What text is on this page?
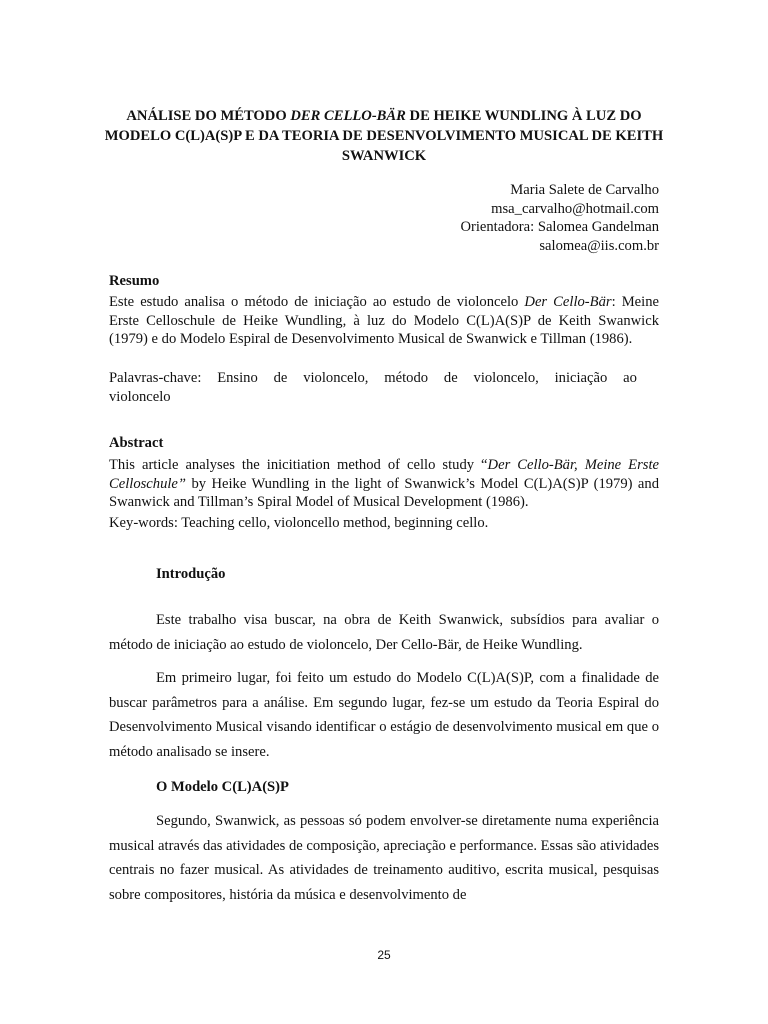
ANÁLISE DO MÉTODO DER CELLO-BÄR DE HEIKE WUNDLING À LUZ DO MODELO C(L)A(S)P E DA TEORIA DE DESENVOLVIMENTO MUSICAL DE KEITH SWANWICK
Maria Salete de Carvalho
msa_carvalho@hotmail.com
Orientadora: Salomea Gandelman
salomea@iis.com.br
Resumo
Este estudo analisa o método de iniciação ao estudo de violoncelo Der Cello-Bär: Meine Erste Celloschule de Heike Wundling, à luz do Modelo C(L)A(S)P de Keith Swanwick (1979) e do Modelo Espiral de Desenvolvimento Musical de Swanwick e Tillman (1986).
Palavras-chave: Ensino de violoncelo, método de violoncelo, iniciação ao
violoncelo
Abstract
This article analyses the inicitiation method of cello study “Der Cello-Bär, Meine Erste Celloschule” by Heike Wundling in the light of Swanwick’s Model C(L)A(S)P (1979) and Swanwick and Tillman’s Spiral Model of Musical Development (1986).
Key-words: Teaching cello, violoncello method, beginning cello.
Introdução
Este trabalho visa buscar, na obra de Keith Swanwick, subsídios para avaliar o método de iniciação ao estudo de violoncelo, Der Cello-Bär, de Heike Wundling.
Em primeiro lugar, foi feito um estudo do Modelo C(L)A(S)P, com a finalidade de buscar parâmetros para a análise. Em segundo lugar, fez-se um estudo da Teoria Espiral do Desenvolvimento Musical visando identificar o estágio de desenvolvimento musical em que o método analisado se insere.
O Modelo C(L)A(S)P
Segundo, Swanwick, as pessoas só podem envolver-se diretamente numa experiência musical através das atividades de composição, apreciação e performance. Essas são atividades centrais no fazer musical. As atividades de treinamento auditivo, escrita musical, pesquisas sobre compositores, história da música e desenvolvimento de
25
